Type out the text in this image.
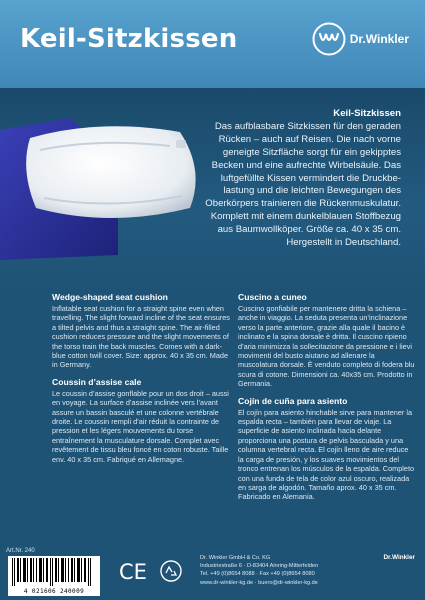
Keil-Sitzkissen	Dr.Winkler
Keil-Sitzkissen
Das aufblasbare Sitzkissen für den geraden
Rücken – auch auf Reisen. Die nach vorne
geneigte Sitzfläche sorgt für ein gekipptes
Becken und eine aufrechte Wirbelsäule. Das
luftgefüllte Kissen vermindert die Druckbe-
lastung und die leichten Bewegungen des
Oberkörpers trainieren die Rückenmuskulatur.
Komplett mit einem dunkelblauen Stoffbezug
aus Baumwollköper. Größe ca. 40 x 35 cm.
Hergestellt in Deutschland.
Wedge-shaped seat cushion

Inflatable seat cushion for a straight spine even when travelling. The slight forward incline of the seat ensures a tilted pelvis and thus a straight spine. The air-filled cushion reduces pressure and the slight movements of the torso train the back muscles. Comes with a dark-blue cotton twill cover. Size: approx. 40 x 35 cm. Made in Germany.

Coussin d’assise cale

Le coussin d’assise gonflable pour un dos droit – aussi en voyage. La surface d’assise inclinée vers l’avant assure un bassin basculé et une colonne vertébrale droite. Le coussin rempli d’air réduit la contrainte de pression et les légers mouvements du torse entraînement la musculature dorsale. Complet avec revêtement de tissu bleu foncé en coton robuste. Taille env. 40 x 35 cm. Fabriqué en Allemagne.

Cuscino a cuneo

Cuscino gonfiabile per mantenere dritta la schiena – anche in viaggio. La seduta presenta un’inclinazione verso la parte anteriore, grazie alla quale il bacino è inclinato e la spina dorsale è dritta. Il cuscino ripieno d’aria minimizza la sollecitazione da pressione e i lievi movimenti del busto aiutano ad allenare la muscolatura dorsale. È venduto completo di fodera blu scura di cotone. Dimensioni ca. 40x35 cm. Prodotto in Germania.

Cojín de cuña para asiento

El cojín para asiento hinchable sirve para mantener la espalda recta – también para llevar de viaje. La superficie de asiento inclinada hacia delante proporciona una postura de pelvis basculada y una columna vertebral recta. El cojín lleno de aire reduce la carga de presión, y los suaves movimientos del tronco entrenan los músculos de la espalda. Completo con una funda de tela de color azul oscuro, realizada en sarga de algodón. Tamaño aprox. 40 x 35 cm. Fabricado en Alemania.

Art.Nr. 240
4 021606 240009
CE
Dr. Winkler GmbH & Co. KG
Industriestraße 6 · D-83404 Ainring-Mitterfelden
Tel. +49 (0)8654 8088 · Fax +49 (0)8654 8080
www.dr-winkler-kg.de · buero@dr-winkler-kg.de
Dr.Winkler
